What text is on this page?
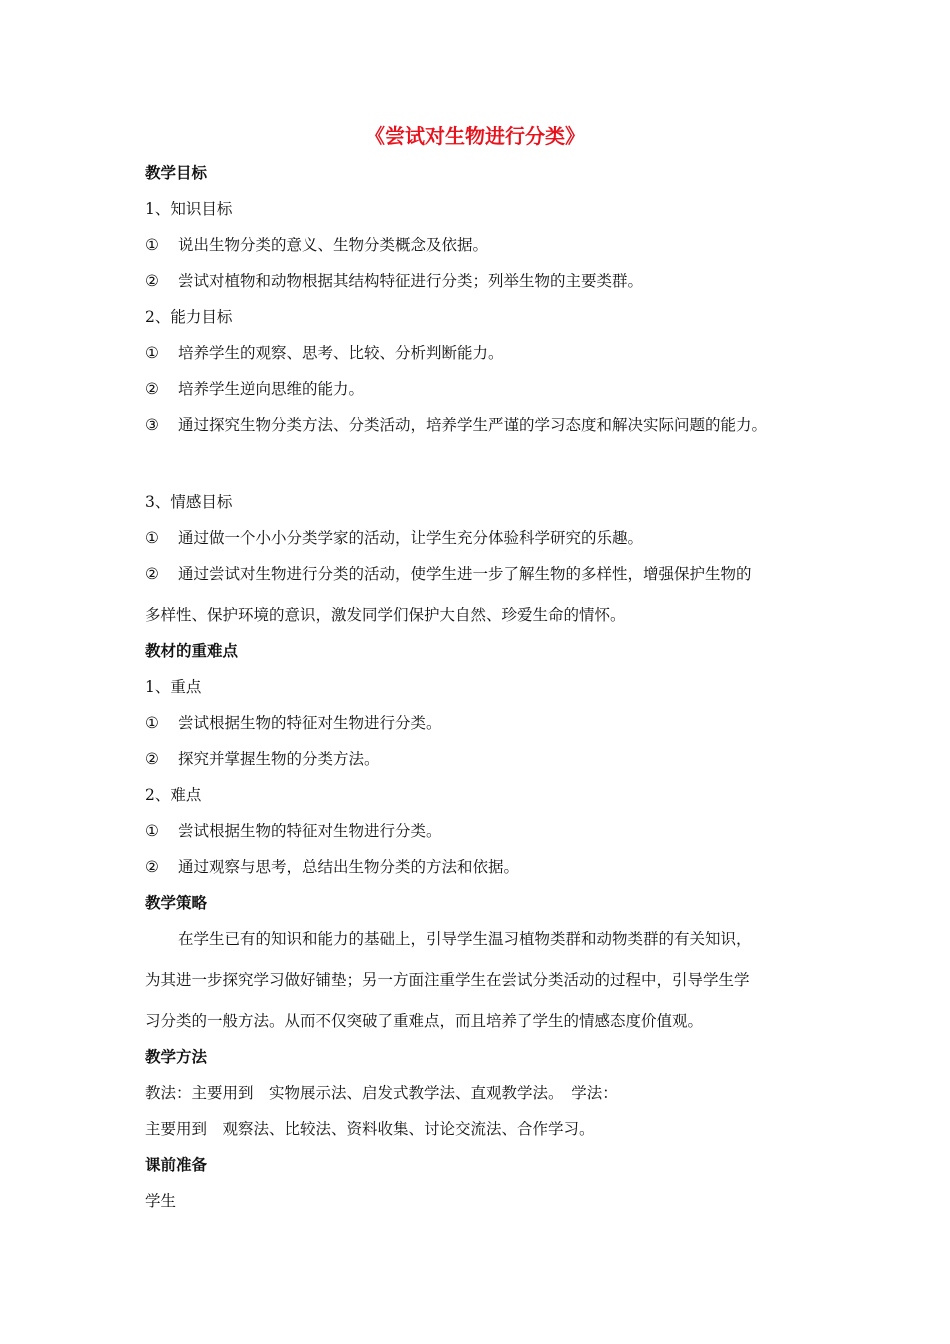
《尝试对生物进行分类》
教学目标
1、知识目标
① 说出生物分类的意义、生物分类概念及依据。
② 尝试对植物和动物根据其结构特征进行分类；列举生物的主要类群。
2、能力目标
① 培养学生的观察、思考、比较、分析判断能力。
② 培养学生逆向思维的能力。
③ 通过探究生物分类方法、分类活动，培养学生严谨的学习态度和解决实际问题的能力。
3、情感目标
① 通过做一个小小分类学家的活动，让学生充分体验科学研究的乐趣。
② 通过尝试对生物进行分类的活动，使学生进一步了解生物的多样性，增强保护生物的
多样性、保护环境的意识，激发同学们保护大自然、珍爱生命的情怀。
教材的重难点
1、重点
① 尝试根据生物的特征对生物进行分类。
② 探究并掌握生物的分类方法。
2、难点
① 尝试根据生物的特征对生物进行分类。
② 通过观察与思考，总结出生物分类的方法和依据。
教学策略
在学生已有的知识和能力的基础上，引导学生温习植物类群和动物类群的有关知识，
为其进一步探究学习做好铺垫；另一方面注重学生在尝试分类活动的过程中，引导学生学
习分类的一般方法。从而不仅突破了重难点，而且培养了学生的情感态度价值观。
教学方法
教法：主要用到　实物展示法、启发式教学法、直观教学法。　学法：
主要用到　观察法、比较法、资料收集、讨论交流法、合作学习。
课前准备
学生
